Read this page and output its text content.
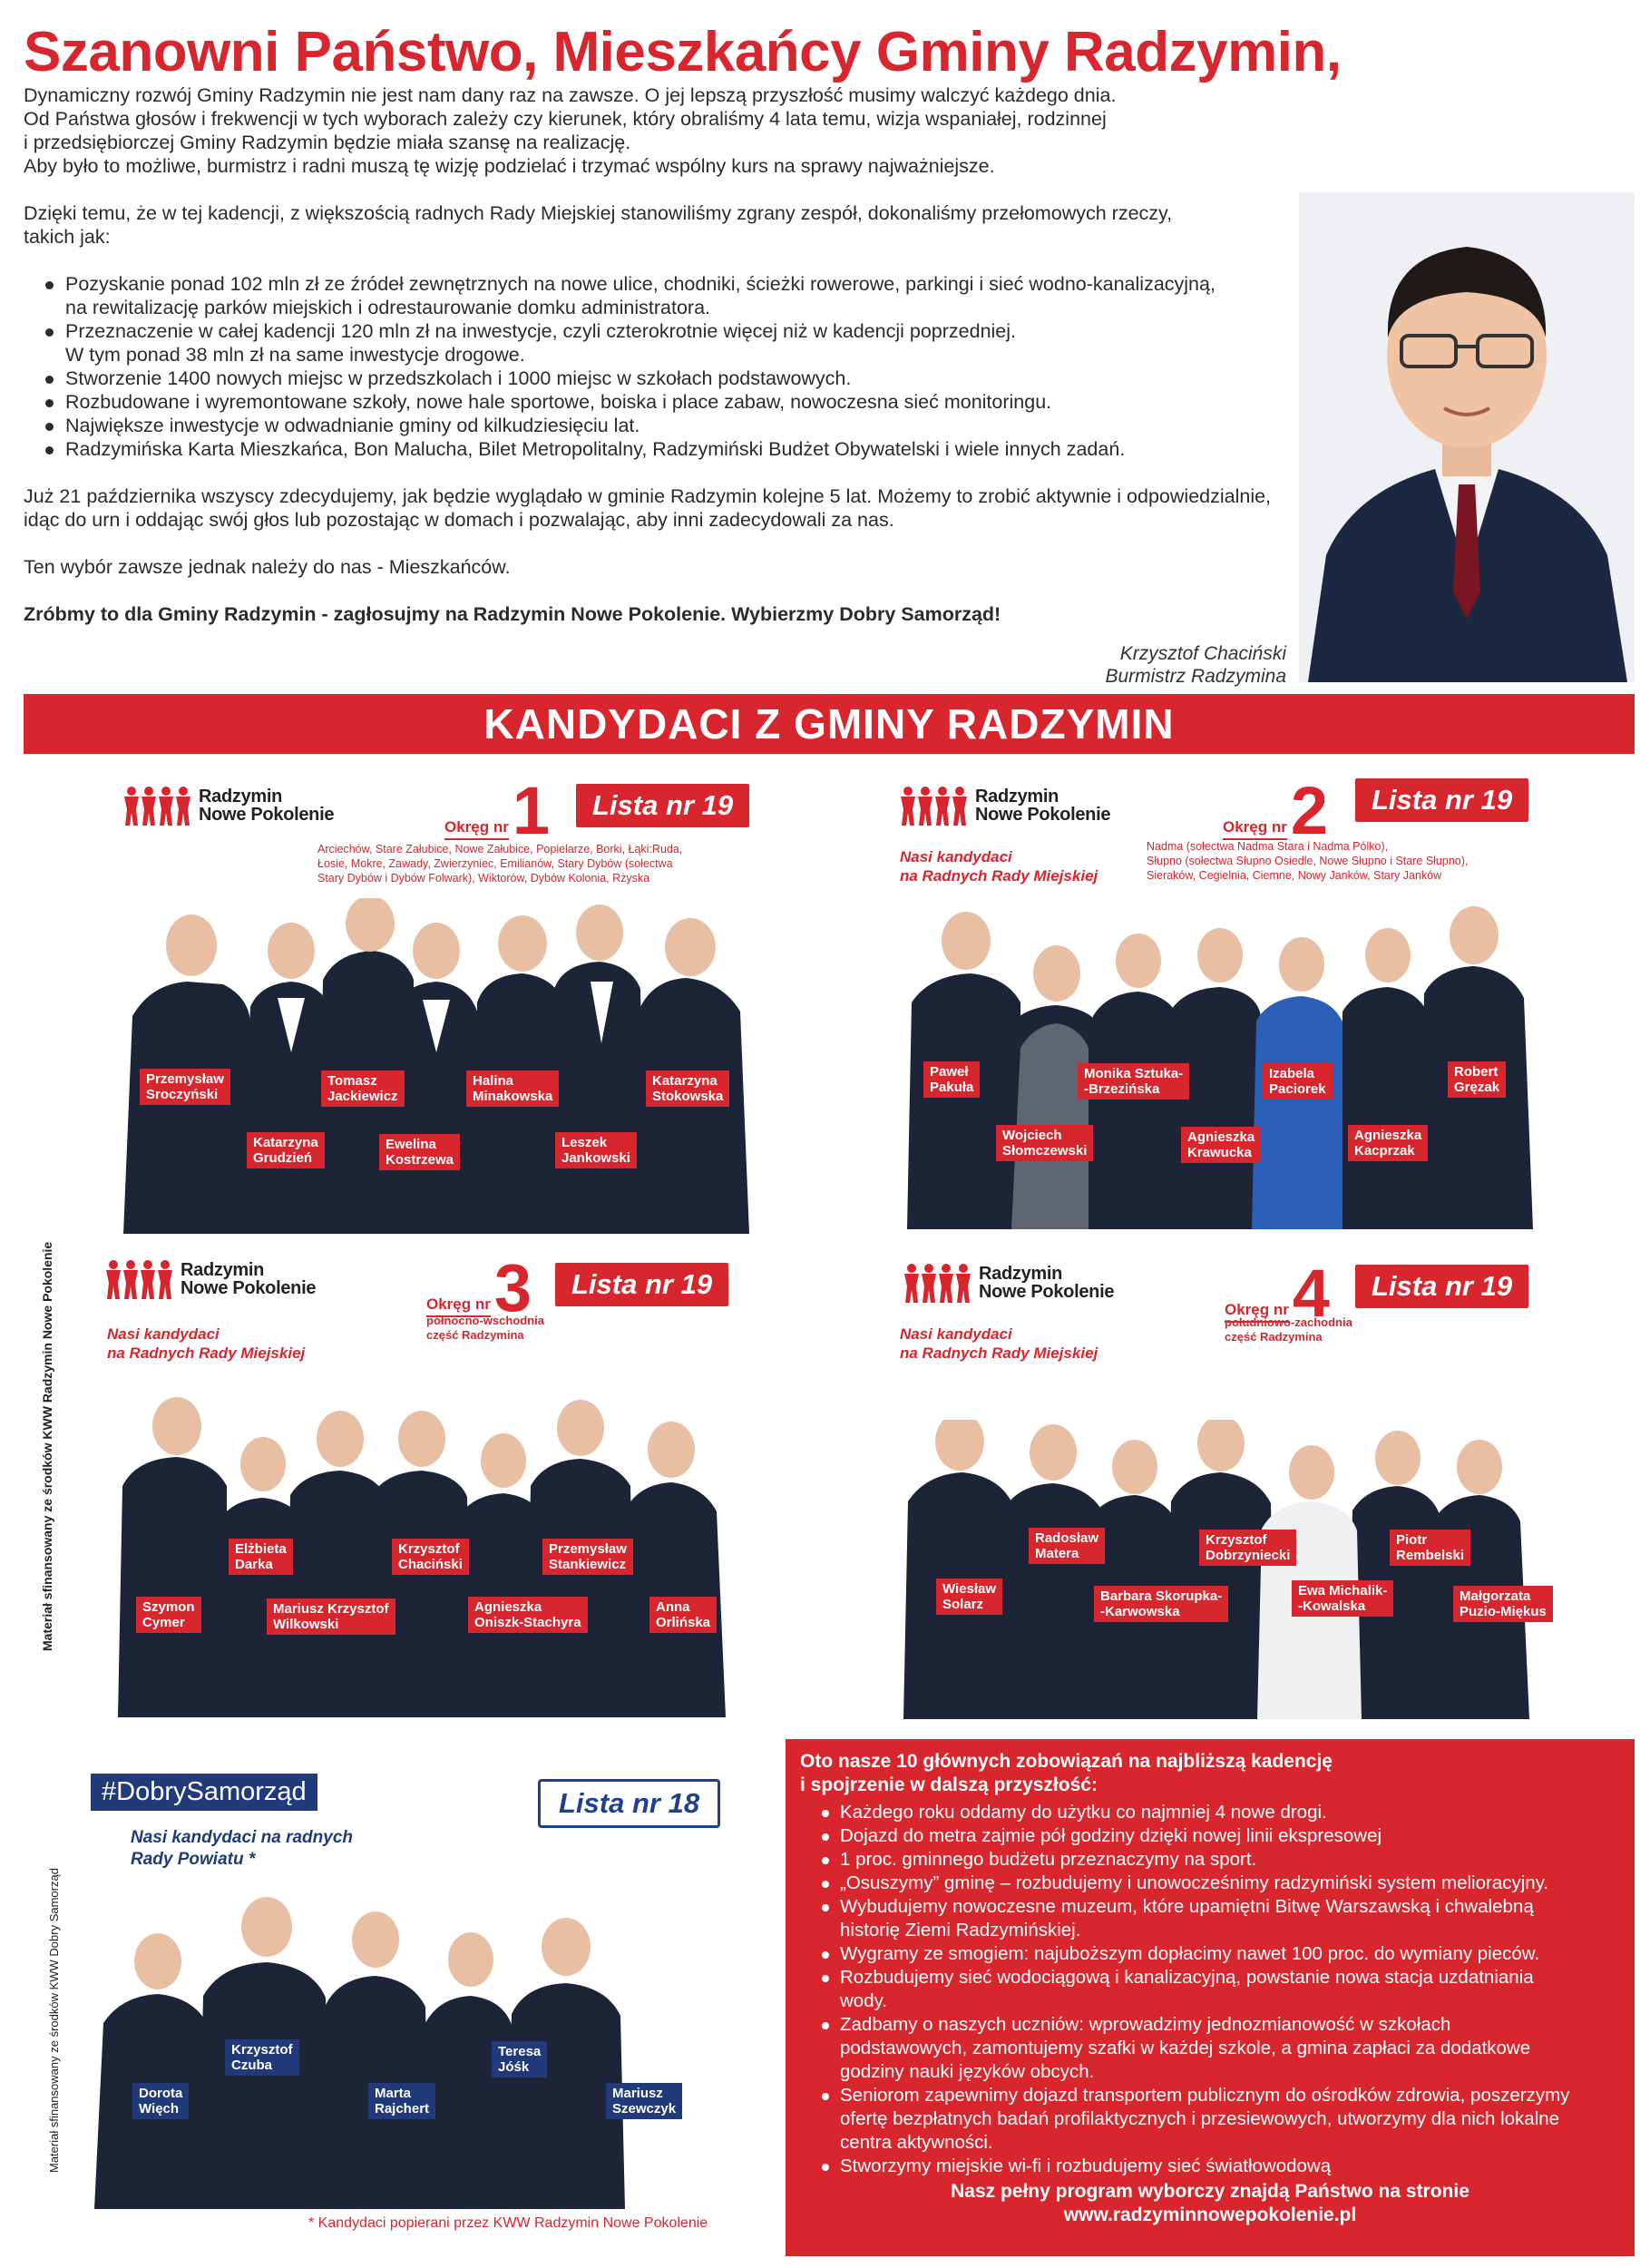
Szanowni Państwo, Mieszkańcy Gminy Radzymin,

Dynamiczny rozwój Gminy Radzymin nie jest nam dany raz na zawsze. O jej lepszą przyszłość musimy walczyć każdego dnia.

Od Państwa głosów i frekwencji w tych wyborach zależy czy kierunek, który obraliśmy 4 lata temu, wizja wspaniałej, rodzinnej

i przedsiębiorczej Gminy Radzymin będzie miała szansę na realizację.

Aby było to możliwe, burmistrz i radni muszą tę wizję podzielać i trzymać wspólny kurs na sprawy najważniejsze.

Dzięki temu, że w tej kadencji, z większością radnych Rady Miejskiej stanowiliśmy zgrany zespół, dokonaliśmy przełomowych rzeczy,

takich jak:

Pozyskanie ponad 102 mln zł ze źródeł zewnętrznych na nowe ulice, chodniki, ścieżki rowerowe, parkingi i sieć wodno-kanalizacyjną,
na rewitalizację parków miejskich i odrestaurowanie domku administratora.
Przeznaczenie w całej kadencji 120 mln zł na inwestycje, czyli czterokrotnie więcej niż w kadencji poprzedniej.
W tym ponad 38 mln zł na same inwestycje drogowe.
Stworzenie 1400 nowych miejsc w przedszkolach i 1000 miejsc w szkołach podstawowych.
Rozbudowane i wyremontowane szkoły, nowe hale sportowe, boiska i place zabaw, nowoczesna sieć monitoringu.
Największe inwestycje w odwadnianie gminy od kilkudziesięciu lat.
Radzymińska Karta Mieszkańca, Bon Malucha, Bilet Metropolitalny, Radzymiński Budżet Obywatelski i wiele innych zadań.

Już 21 października wszyscy zdecydujemy, jak będzie wyglądało w gminie Radzymin kolejne 5 lat. Możemy to zrobić aktywnie i odpowiedzialnie,

idąc do urn i oddając swój głos lub pozostając w domach i pozwalając, aby inni zadecydowali za nas.

Ten wybór zawsze jednak należy do nas - Mieszkańców.

Zróbmy to dla Gminy Radzymin - zagłosujmy na Radzymin Nowe Pokolenie. Wybierzmy Dobry Samorząd!

Krzysztof Chaciński
Burmistrz Radzymina
KANDYDACI Z GMINY RADZYMIN
Materiał sfinansowany ze środków KWW Radzymin Nowe Pokolenie
Materiał sfinansowany ze środków KWW Dobry Samorząd
Radzymin
Nowe Pokolenie
Okręg nr 1	Lista nr 19
Arciechów, Stare Załubice, Nowe Załubice, Popielarze, Borki, Łąki:Ruda,
Łosie, Mokre, Zawady, Zwierzyniec, Emilianów, Stary Dybów (sołectwa
Stary Dybów i Dybów Folwark), Wiktorów, Dybów Kolonia, Rżyska
Przemysław
Sroczyński
Katarzyna
Grudzień
Tomasz
Jackiewicz
Ewelina
Kostrzewa
Halina
Minakowska
Leszek
Jankowski
Katarzyna
Stokowska
Radzymin
Nowe Pokolenie
Nasi kandydaci
na Radnych Rady Miejskiej
Okręg nr 2	Lista nr 19
Nadma (sołectwa Nadma Stara i Nadma Pólko),
Słupno (sołectwa Słupno Osiedle, Nowe Słupno i Stare Słupno),
Sieraków, Cegielnia, Ciemne, Nowy Janków, Stary Janków
Paweł
Pakuła
Wojciech
Słomczewski
Monika Sztuka-
-Brzezińska
Agnieszka
Krawucka
Izabela
Paciorek
Agnieszka
Kacprzak
Robert
Gręzak
Radzymin
Nowe Pokolenie
Nasi kandydaci
na Radnych Rady Miejskiej
Okręg nr 3	Lista nr 19
północno-wschodnia
część Radzymina
Szymon
Cymer
Elżbieta
Darka
Mariusz Krzysztof
Wilkowski
Krzysztof
Chaciński
Agnieszka
Oniszk-Stachyra
Przemysław
Stankiewicz
Anna
Orlińska
Radzymin
Nowe Pokolenie
Nasi kandydaci
na Radnych Rady Miejskiej
Okręg nr 4	Lista nr 19
południowo-zachodnia
część Radzymina
Wiesław
Solarz
Radosław
Matera
Barbara Skorupka-
-Karwowska
Krzysztof
Dobrzyniecki
Ewa Michalik-
-Kowalska
Piotr
Rembelski
Małgorzata
Puzio-Miękus
#DobrySamorząd	Lista nr 18
Nasi kandydaci na radnych
Rady Powiatu *
Dorota
Więch
Krzysztof
Czuba
Marta
Rajchert
Teresa
Jóśk
Mariusz
Szewczyk
* Kandydaci popierani przez KWW Radzymin Nowe Pokolenie
Oto nasze 10 głównych zobowiązań na najbliższą kadencję
i spojrzenie w dalszą przyszłość:
Każdego roku oddamy do użytku co najmniej 4 nowe drogi.
Dojazd do metra zajmie pół godziny dzięki nowej linii ekspresowej
1 proc. gminnego budżetu przeznaczymy na sport.
„Osuszymy” gminę – rozbudujemy i unowocześnimy radzymiński system melioracyjny.
Wybudujemy nowoczesne muzeum, które upamiętni Bitwę Warszawską i chwalebną
historię Ziemi Radzymińskiej.
Wygramy ze smogiem: najuboższym dopłacimy nawet 100 proc. do wymiany pieców.
Rozbudujemy sieć wodociągową i kanalizacyjną, powstanie nowa stacja uzdatniania
wody.
Zadbamy o naszych uczniów: wprowadzimy jednozmianowość w szkołach
podstawowych, zamontujemy szafki w każdej szkole, a gmina zapłaci za dodatkowe
godziny nauki języków obcych.
Seniorom zapewnimy dojazd transportem publicznym do ośrodków zdrowia, poszerzymy
ofertę bezpłatnych badań profilaktycznych i przesiewowych, utworzymy dla nich lokalne
centra aktywności.
Stworzymy miejskie wi-fi i rozbudujemy sieć światłowodową
Nasz pełny program wyborczy znajdą Państwo na stronie
www.radzyminnowepokolenie.pl
